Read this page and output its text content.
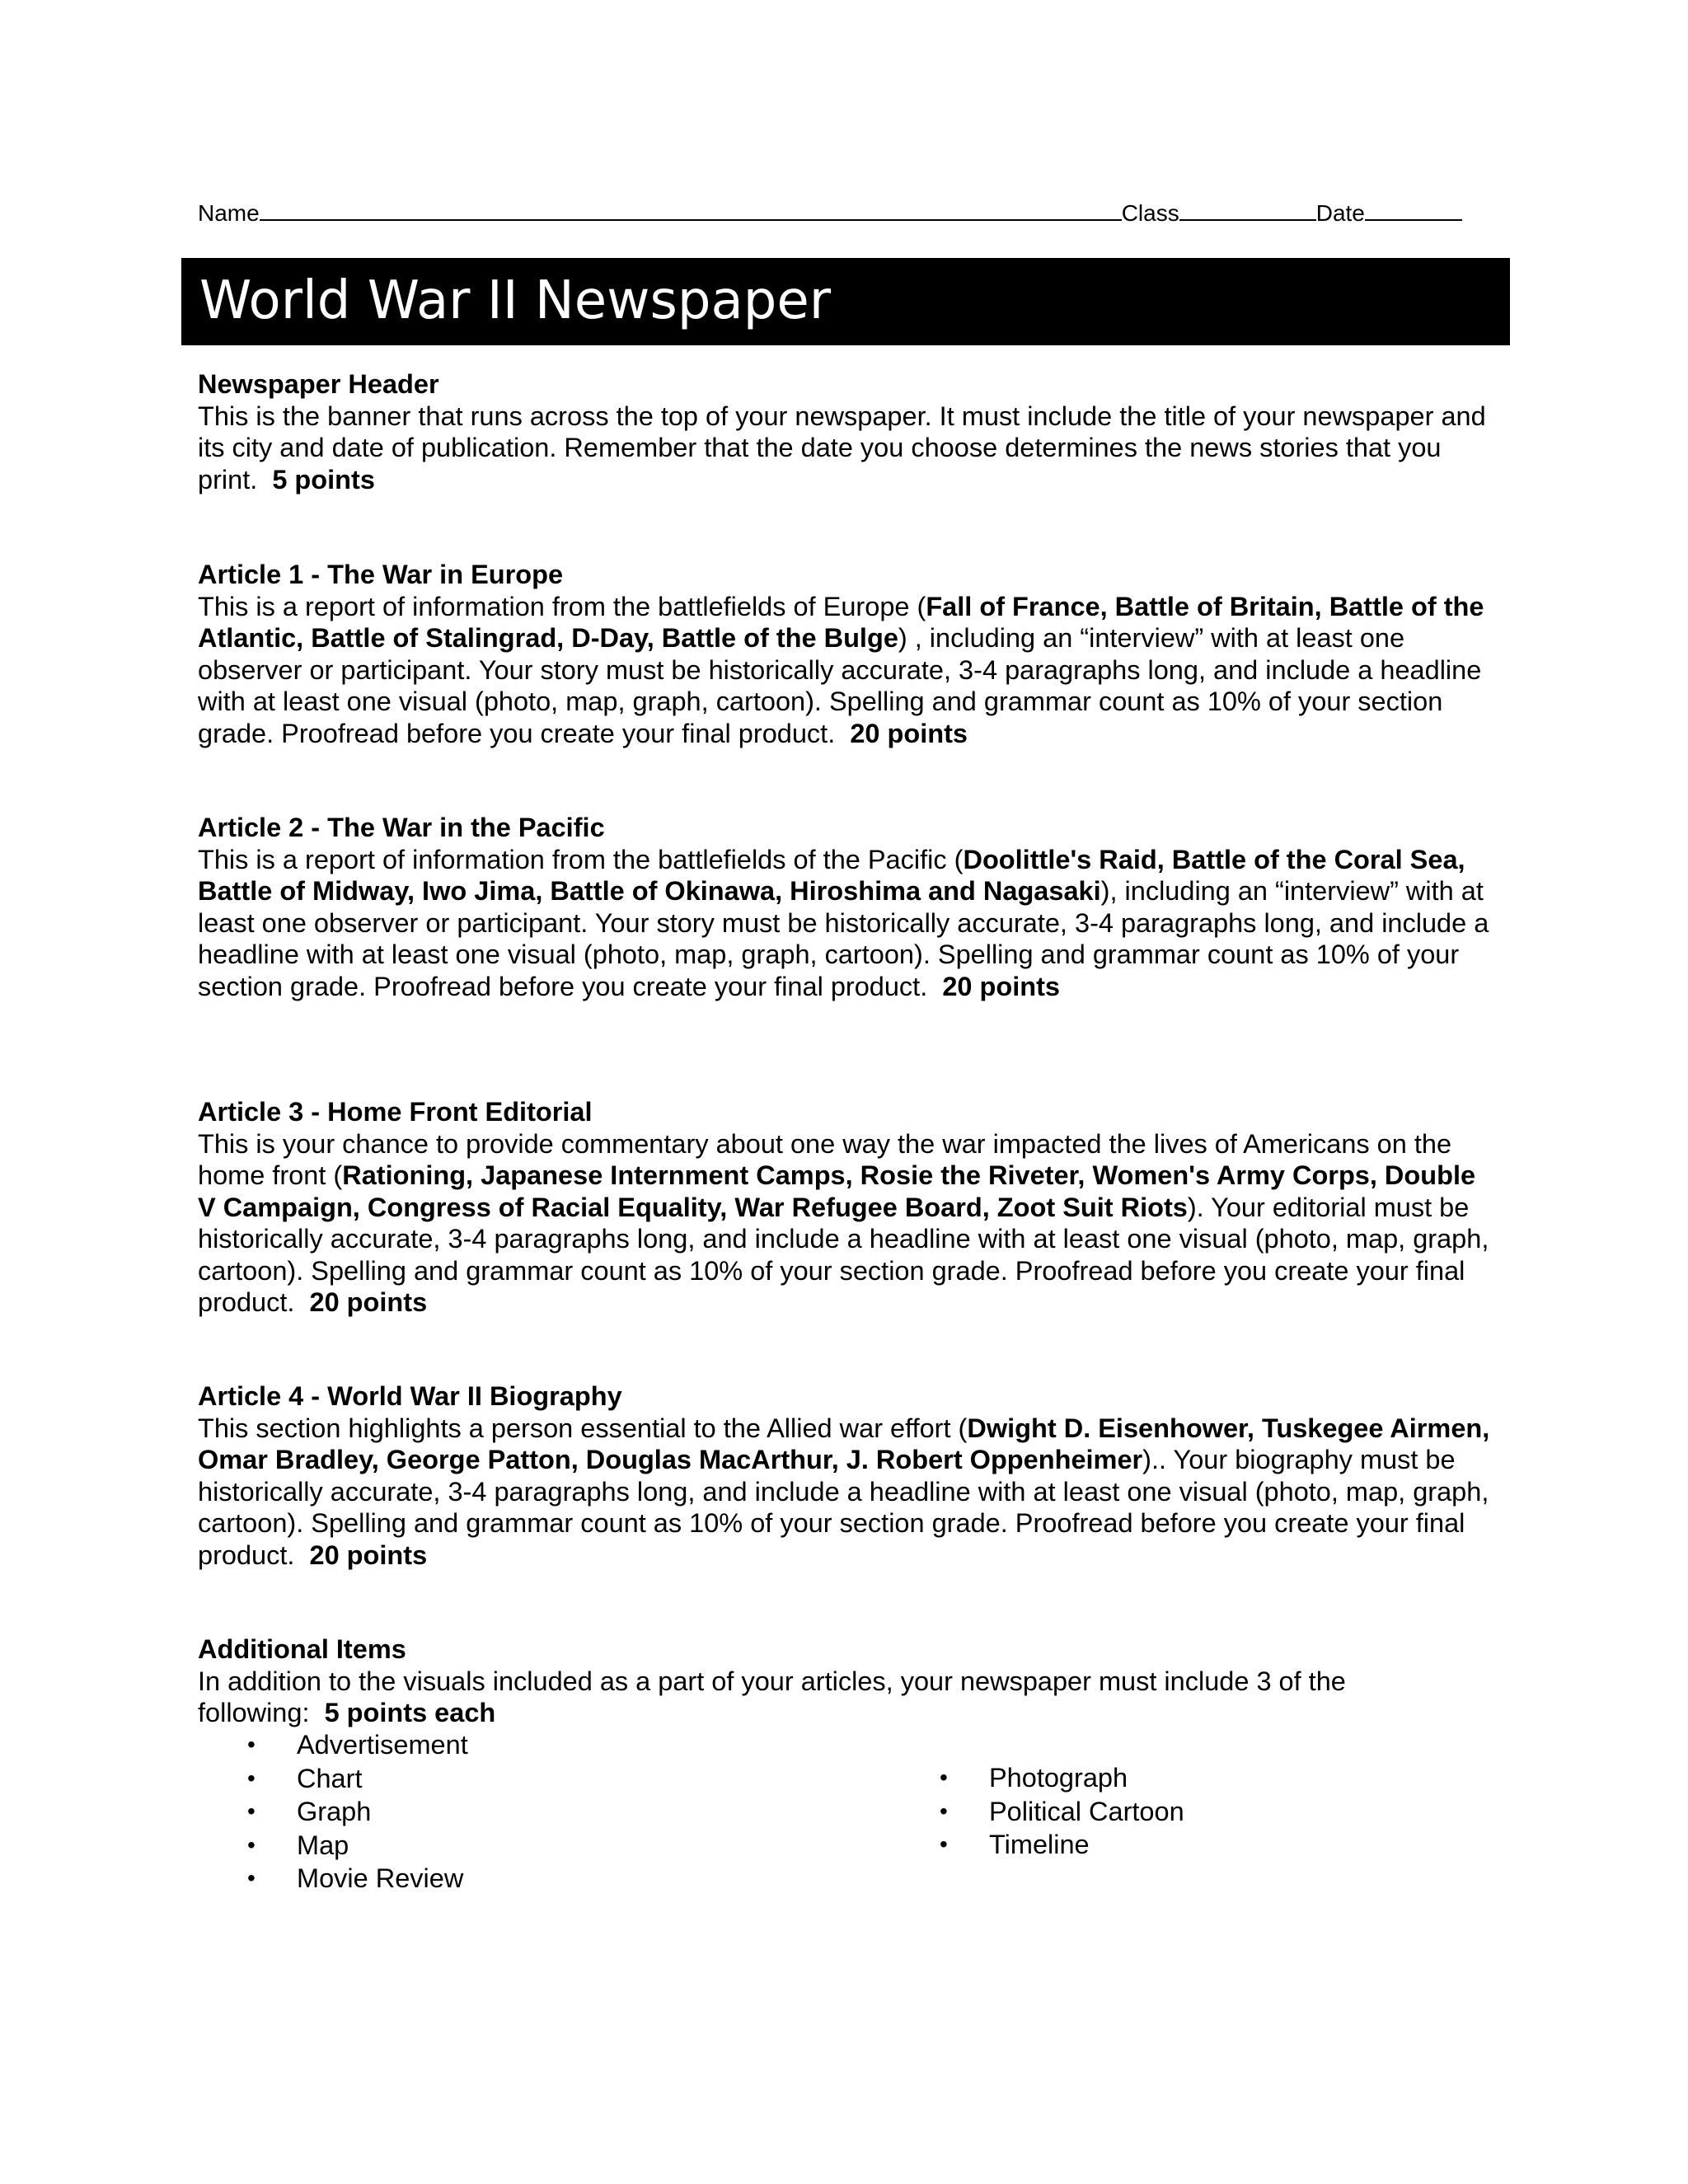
Name	Class	Date
World War II Newspaper
Newspaper Header

This is the banner that runs across the top of your newspaper. It must include the title of your newspaper and its city and date of publication. Remember that the date you choose determines the news stories that you print. 5 points

Article 1 - The War in Europe

This is a report of information from the battlefields of Europe (Fall of France, Battle of Britain, Battle of the Atlantic, Battle of Stalingrad, D-Day, Battle of the Bulge) , including an “interview” with at least one observer or participant. Your story must be historically accurate, 3-4 paragraphs long, and include a headline with at least one visual (photo, map, graph, cartoon). Spelling and grammar count as 10% of your section grade. Proofread before you create your final product. 20 points

Article 2 - The War in the Pacific

This is a report of information from the battlefields of the Pacific (Doolittle's Raid, Battle of the Coral Sea, Battle of Midway, Iwo Jima, Battle of Okinawa, Hiroshima and Nagasaki), including an “interview” with at least one observer or participant. Your story must be historically accurate, 3-4 paragraphs long, and include a headline with at least one visual (photo, map, graph, cartoon). Spelling and grammar count as 10% of your section grade. Proofread before you create your final product. 20 points

Article 3 - Home Front Editorial

This is your chance to provide commentary about one way the war impacted the lives of Americans on the home front (Rationing, Japanese Internment Camps, Rosie the Riveter, Women's Army Corps, Double V Campaign, Congress of Racial Equality, War Refugee Board, Zoot Suit Riots). Your editorial must be historically accurate, 3-4 paragraphs long, and include a headline with at least one visual (photo, map, graph, cartoon). Spelling and grammar count as 10% of your section grade. Proofread before you create your final product. 20 points

Article 4 - World War II Biography

This section highlights a person essential to the Allied war effort (Dwight D. Eisenhower, Tuskegee Airmen, Omar Bradley, George Patton, Douglas MacArthur, J. Robert Oppenheimer).. Your biography must be historically accurate, 3-4 paragraphs long, and include a headline with at least one visual (photo, map, graph, cartoon). Spelling and grammar count as 10% of your section grade. Proofread before you create your final product. 20 points

Additional Items

In addition to the visuals included as a part of your articles, your newspaper must include 3 of the following: 5 points each

• Advertisement
• Chart
• Graph
• Map
• Movie Review
• Photograph
• Political Cartoon
• Timeline
